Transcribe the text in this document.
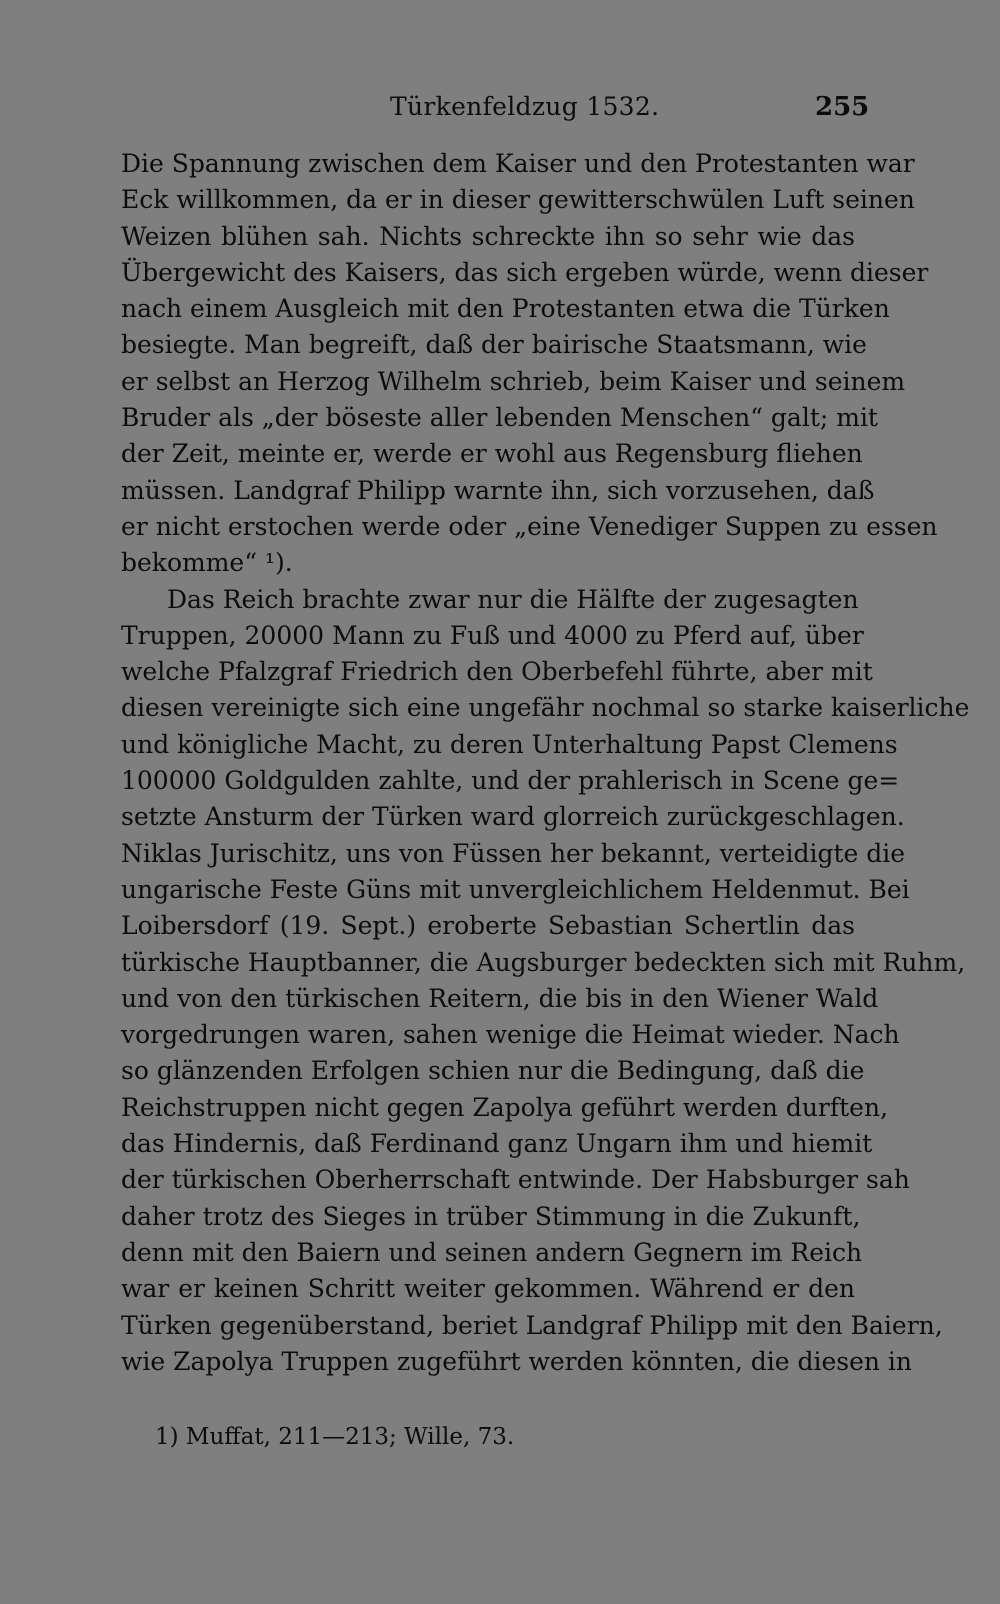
Türkenfeldzug 1532.	255
Die Spannung zwischen dem Kaiser und den Protestanten war
Eck willkommen, da er in dieser gewitterschwülen Luft seinen
Weizen blühen sah. Nichts schreckte ihn so sehr wie das
Übergewicht des Kaisers, das sich ergeben würde, wenn dieser
nach einem Ausgleich mit den Protestanten etwa die Türken
besiegte. Man begreift, daß der bairische Staatsmann, wie
er selbst an Herzog Wilhelm schrieb, beim Kaiser und seinem
Bruder als „der böseste aller lebenden Menschen“ galt; mit
der Zeit, meinte er, werde er wohl aus Regensburg fliehen
müssen. Landgraf Philipp warnte ihn, sich vorzusehen, daß
er nicht erstochen werde oder „eine Venediger Suppen zu essen
bekomme“ ¹).
Das Reich brachte zwar nur die Hälfte der zugesagten
Truppen, 20000 Mann zu Fuß und 4000 zu Pferd auf, über
welche Pfalzgraf Friedrich den Oberbefehl führte, aber mit
diesen vereinigte sich eine ungefähr nochmal so starke kaiserliche
und königliche Macht, zu deren Unterhaltung Papst Clemens
100000 Goldgulden zahlte, und der prahlerisch in Scene ge=
setzte Ansturm der Türken ward glorreich zurückgeschlagen.
Niklas Jurischitz, uns von Füssen her bekannt, verteidigte die
ungarische Feste Güns mit unvergleichlichem Heldenmut. Bei
Loibersdorf (19. Sept.) eroberte Sebastian Schertlin das
türkische Hauptbanner, die Augsburger bedeckten sich mit Ruhm,
und von den türkischen Reitern, die bis in den Wiener Wald
vorgedrungen waren, sahen wenige die Heimat wieder. Nach
so glänzenden Erfolgen schien nur die Bedingung, daß die
Reichstruppen nicht gegen Zapolya geführt werden durften,
das Hindernis, daß Ferdinand ganz Ungarn ihm und hiemit
der türkischen Oberherrschaft entwinde. Der Habsburger sah
daher trotz des Sieges in trüber Stimmung in die Zukunft,
denn mit den Baiern und seinen andern Gegnern im Reich
war er keinen Schritt weiter gekommen. Während er den
Türken gegenüberstand, beriet Landgraf Philipp mit den Baiern,
wie Zapolya Truppen zugeführt werden könnten, die diesen in
1) Muffat, 211—213; Wille, 73.
